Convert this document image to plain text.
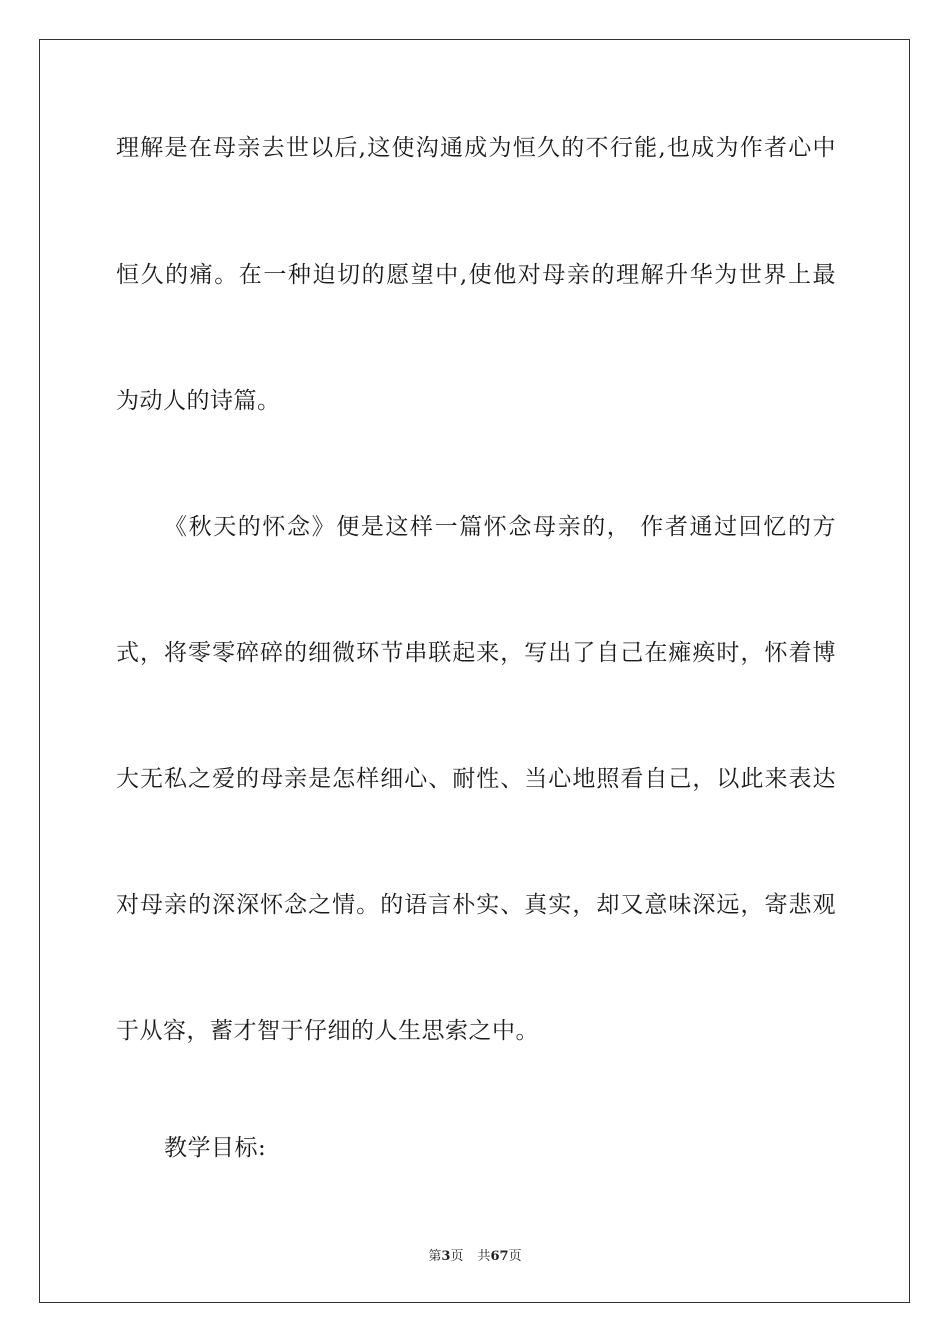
理解是在母亲去世以后,这使沟通成为恒久的不行能,也成为作者心中
恒久的痛。在一种迫切的愿望中,使他对母亲的理解升华为世界上最
为动人的诗篇。
《秋天的怀念》便是这样一篇怀念母亲的， 作者通过回忆的方
式，将零零碎碎的细微环节串联起来，写出了自己在瘫痪时，怀着博
大无私之爱的母亲是怎样细心、耐性、当心地照看自己，以此来表达
对母亲的深深怀念之情。的语言朴实、真实，却又意味深远，寄悲观
于从容，蓄才智于仔细的人生思索之中。
教学目标:
第3页 共67页
